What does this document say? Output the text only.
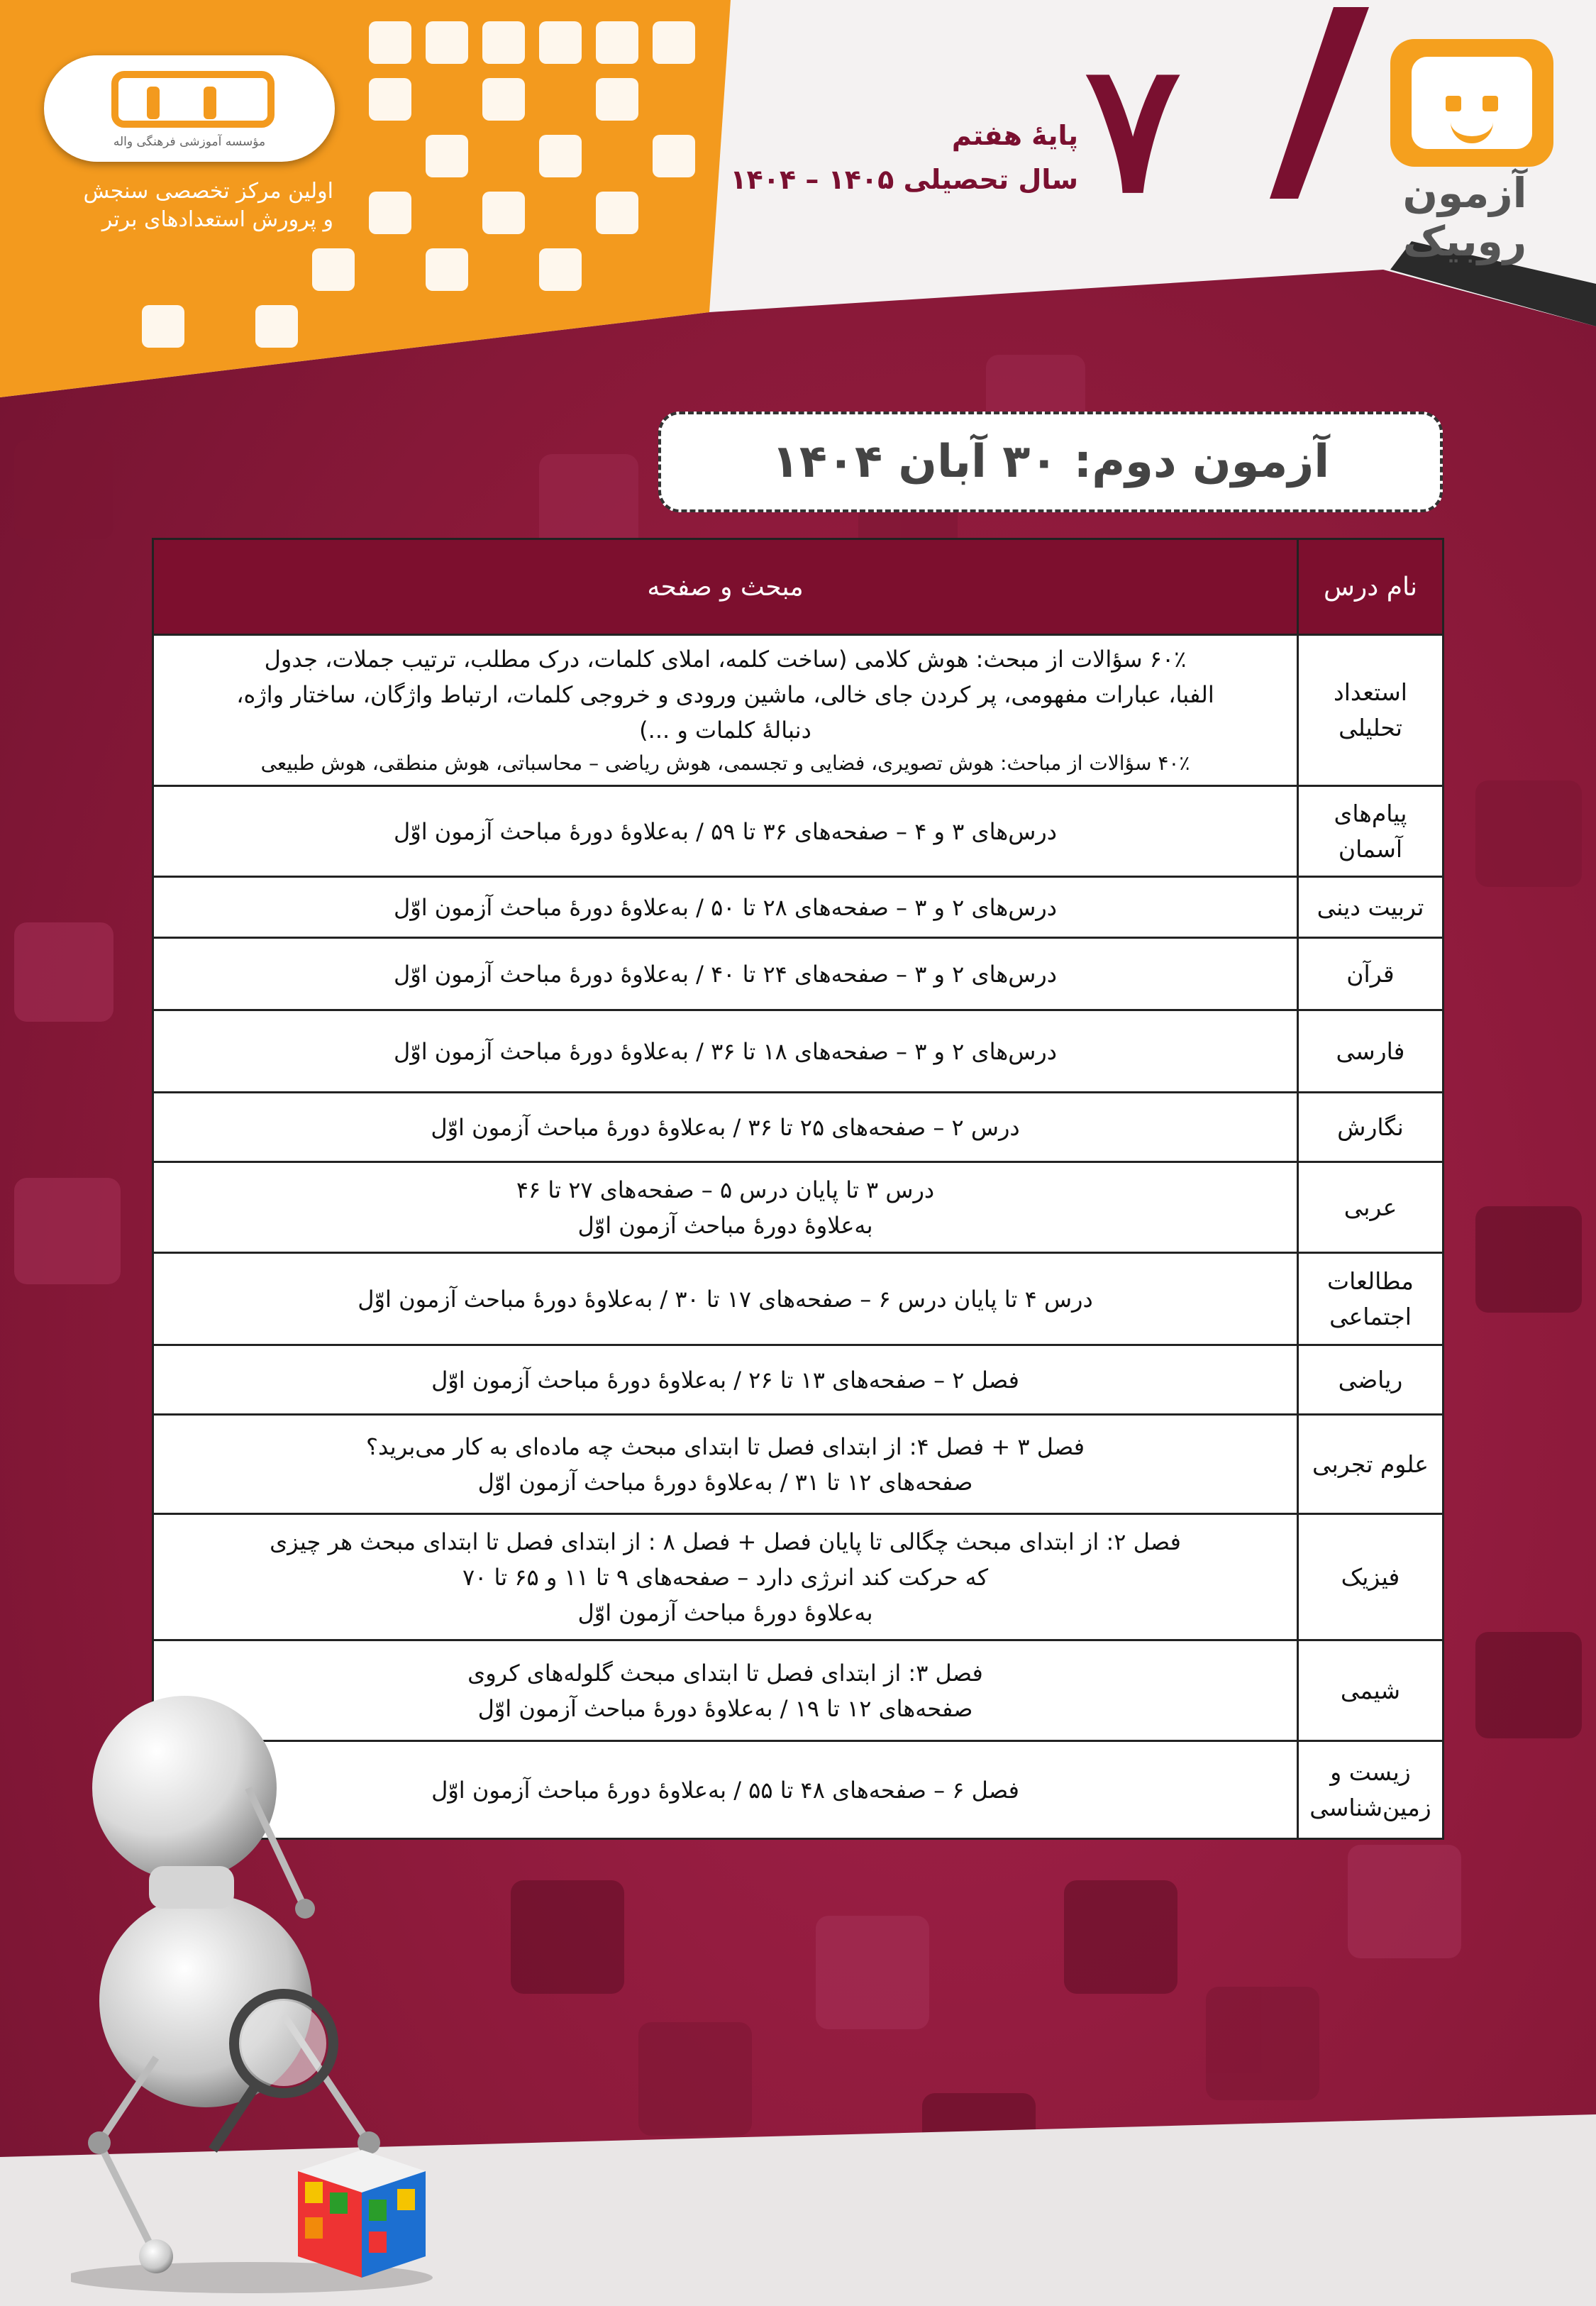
مؤسسه آموزشی فرهنگی واله
اولین مرکز تخصصی سنجش
و پرورش استعدادهای برتر	۷
پایهٔ هفتم
سال تحصیلی ۱۴۰۵ – ۱۴۰۴	آزمون روبیک
آزمون دوم: ۳۰ آبان ۱۴۰۴
نام درس	مبحث و صفحه
استعداد تحلیلی	۶۰٪ سؤالات از مبحث: هوش کلامی (ساخت کلمه، املای کلمات، درک مطلب، ترتیب جملات، جدول
الفبا، عبارات مفهومی، پر کردن جای خالی، ماشین ورودی و خروجی کلمات، ارتباط واژگان، ساختار واژه،
دنبالهٔ کلمات و ...)
۴۰٪ سؤالات از مباحث: هوش تصویری، فضایی و تجسمی، هوش ریاضی – محاسباتی، هوش منطقی، هوش طبیعی

پیام‌های آسمان	درس‌های ۳ و ۴ – صفحه‌های ۳۶ تا ۵۹ / به‌علاوهٔ دورهٔ مباحث آزمون اوّل

تربیت دینی	درس‌های ۲ و ۳ – صفحه‌های ۲۸ تا ۵۰ / به‌علاوهٔ دورهٔ مباحث آزمون اوّل

قرآن	درس‌های ۲ و ۳ – صفحه‌های ۲۴ تا ۴۰ / به‌علاوهٔ دورهٔ مباحث آزمون اوّل

فارسی	درس‌های ۲ و ۳ – صفحه‌های ۱۸ تا ۳۶ / به‌علاوهٔ دورهٔ مباحث آزمون اوّل

نگارش	درس ۲ – صفحه‌های ۲۵ تا ۳۶ / به‌علاوهٔ دورهٔ مباحث آزمون اوّل

عربی	درس ۳ تا پایان درس ۵ – صفحه‌های ۲۷ تا ۴۶
به‌علاوهٔ دورهٔ مباحث آزمون اوّل

مطالعات اجتماعی	درس ۴ تا پایان درس ۶ – صفحه‌های ۱۷ تا ۳۰ / به‌علاوهٔ دورهٔ مباحث آزمون اوّل

ریاضی	فصل ۲ – صفحه‌های ۱۳ تا ۲۶ / به‌علاوهٔ دورهٔ مباحث آزمون اوّل

علوم تجربی	فصل ۳ + فصل ۴: از ابتدای فصل تا ابتدای مبحث چه ماده‌ای به کار می‌برید؟
صفحه‌های ۱۲ تا ۳۱ / به‌علاوهٔ دورهٔ مباحث آزمون اوّل

فیزیک	فصل ۲: از ابتدای مبحث چگالی تا پایان فصل + فصل ۸ : از ابتدای فصل تا ابتدای مبحث هر چیزی
که حرکت کند انرژی دارد – صفحه‌های ۹ تا ۱۱ و ۶۵ تا ۷۰
به‌علاوهٔ دورهٔ مباحث آزمون اوّل

شیمی	فصل ۳: از ابتدای فصل تا ابتدای مبحث گلوله‌های کروی
صفحه‌های ۱۲ تا ۱۹ / به‌علاوهٔ دورهٔ مباحث آزمون اوّل

زیست و زمین‌شناسی	فصل ۶ – صفحه‌های ۴۸ تا ۵۵ / به‌علاوهٔ دورهٔ مباحث آزمون اوّل
